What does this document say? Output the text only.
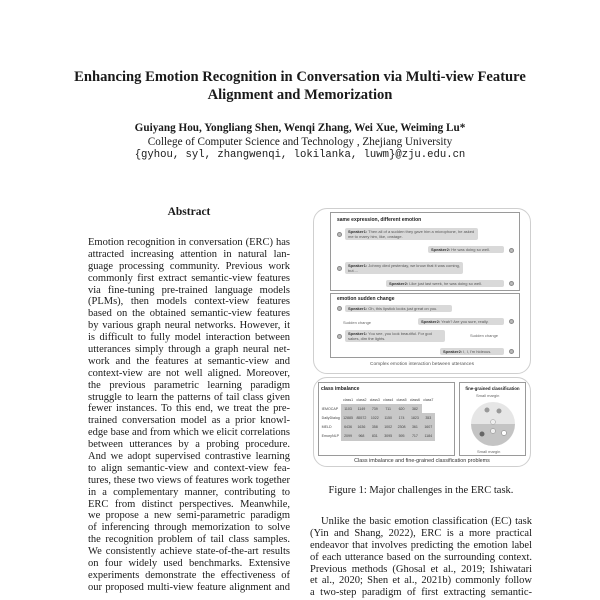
Enhancing Emotion Recognition in Conversation via Multi-view Feature
Alignment and Memorization
Guiyang Hou, Yongliang Shen, Wenqi Zhang, Wei Xue, Weiming Lu*
College of Computer Science and Technology , Zhejiang University
{gyhou, syl, zhangwenqi, lokilanka, luwm}@zju.edu.cn
Abstract
Emotion recognition in conversation (ERC) has
attracted increasing attention in natural lan-
guage processing community. Previous work
commonly first extract semantic-view features
via fine-tuning pre-trained language models
(PLMs), then models context-view features
based on the obtained semantic-view features
by various graph neural networks. However, it
is difficult to fully model interaction between
utterances simply through a graph neural net-
work and the features at semantic-view and
context-view are not well aligned. Moreover,
the previous parametric learning paradigm
struggle to learn the patterns of tail class given
fewer instances. To this end, we treat the pre-
trained conversation model as a prior knowl-
edge base and from which we elicit correlations
between utterances by a probing procedure.
And we adopt supervised contrastive learning
to align semantic-view and context-view fea-
tures, these two views of features work together
in a complementary manner, contributing to
ERC from distinct perspectives. Meanwhile,
we propose a new semi-parametric paradigm
of inferencing through memorization to solve
the recognition problem of tail class samples.
We consistently achieve state-of-the-art results
on four widely used benchmarks. Extensive
experiments demonstrate the effectiveness of
our proposed multi-view feature alignment and
same expression, different emotion
Speaker1: Then all of a sudden they gave him a microphone, he asked me to marry him, like, onstage.
Speaker2: He was doing so well.
Speaker1: Johnny died yesterday, we know that it was coming, but....
Speaker2: Like just last week, he was doing so well.
emotion sudden change
Speaker1: Oh, this lipstick looks just great on you.
Sudden change	Speaker2: Yeah? Are you sure, really.
Speaker1: You see, you look beautiful. For god sakes, dim the lights.
Sudden change
Speaker2: I, I, I'm hideous.
Complex emotion interaction between utterances
class imbalance
	class1	class2	class3	class4	class5	class6	class7
IEMOCAP	1103	1149	739	711	620	382	
DailyDialog	12885	85572	1022	1150	174	1823	353
MELD	6436	1636	358	1002	2308	361	1607
EmoryNLP	2099	968	831	3095	595	717	1184
fine-grained classification
Small margin
Small margin
Class imbalance and fine-grained classification problems
Figure 1: Major challenges in the ERC task.
Unlike the basic emotion classification (EC) task
(Yin and Shang, 2022), ERC is a more practical
endeavor that involves predicting the emotion label
of each utterance based on the surrounding context.
Previous methods (Ghosal et al., 2019; Ishiwatari
et al., 2020; Shen et al., 2021b) commonly follow
a two-step paradigm of first extracting semantic-
